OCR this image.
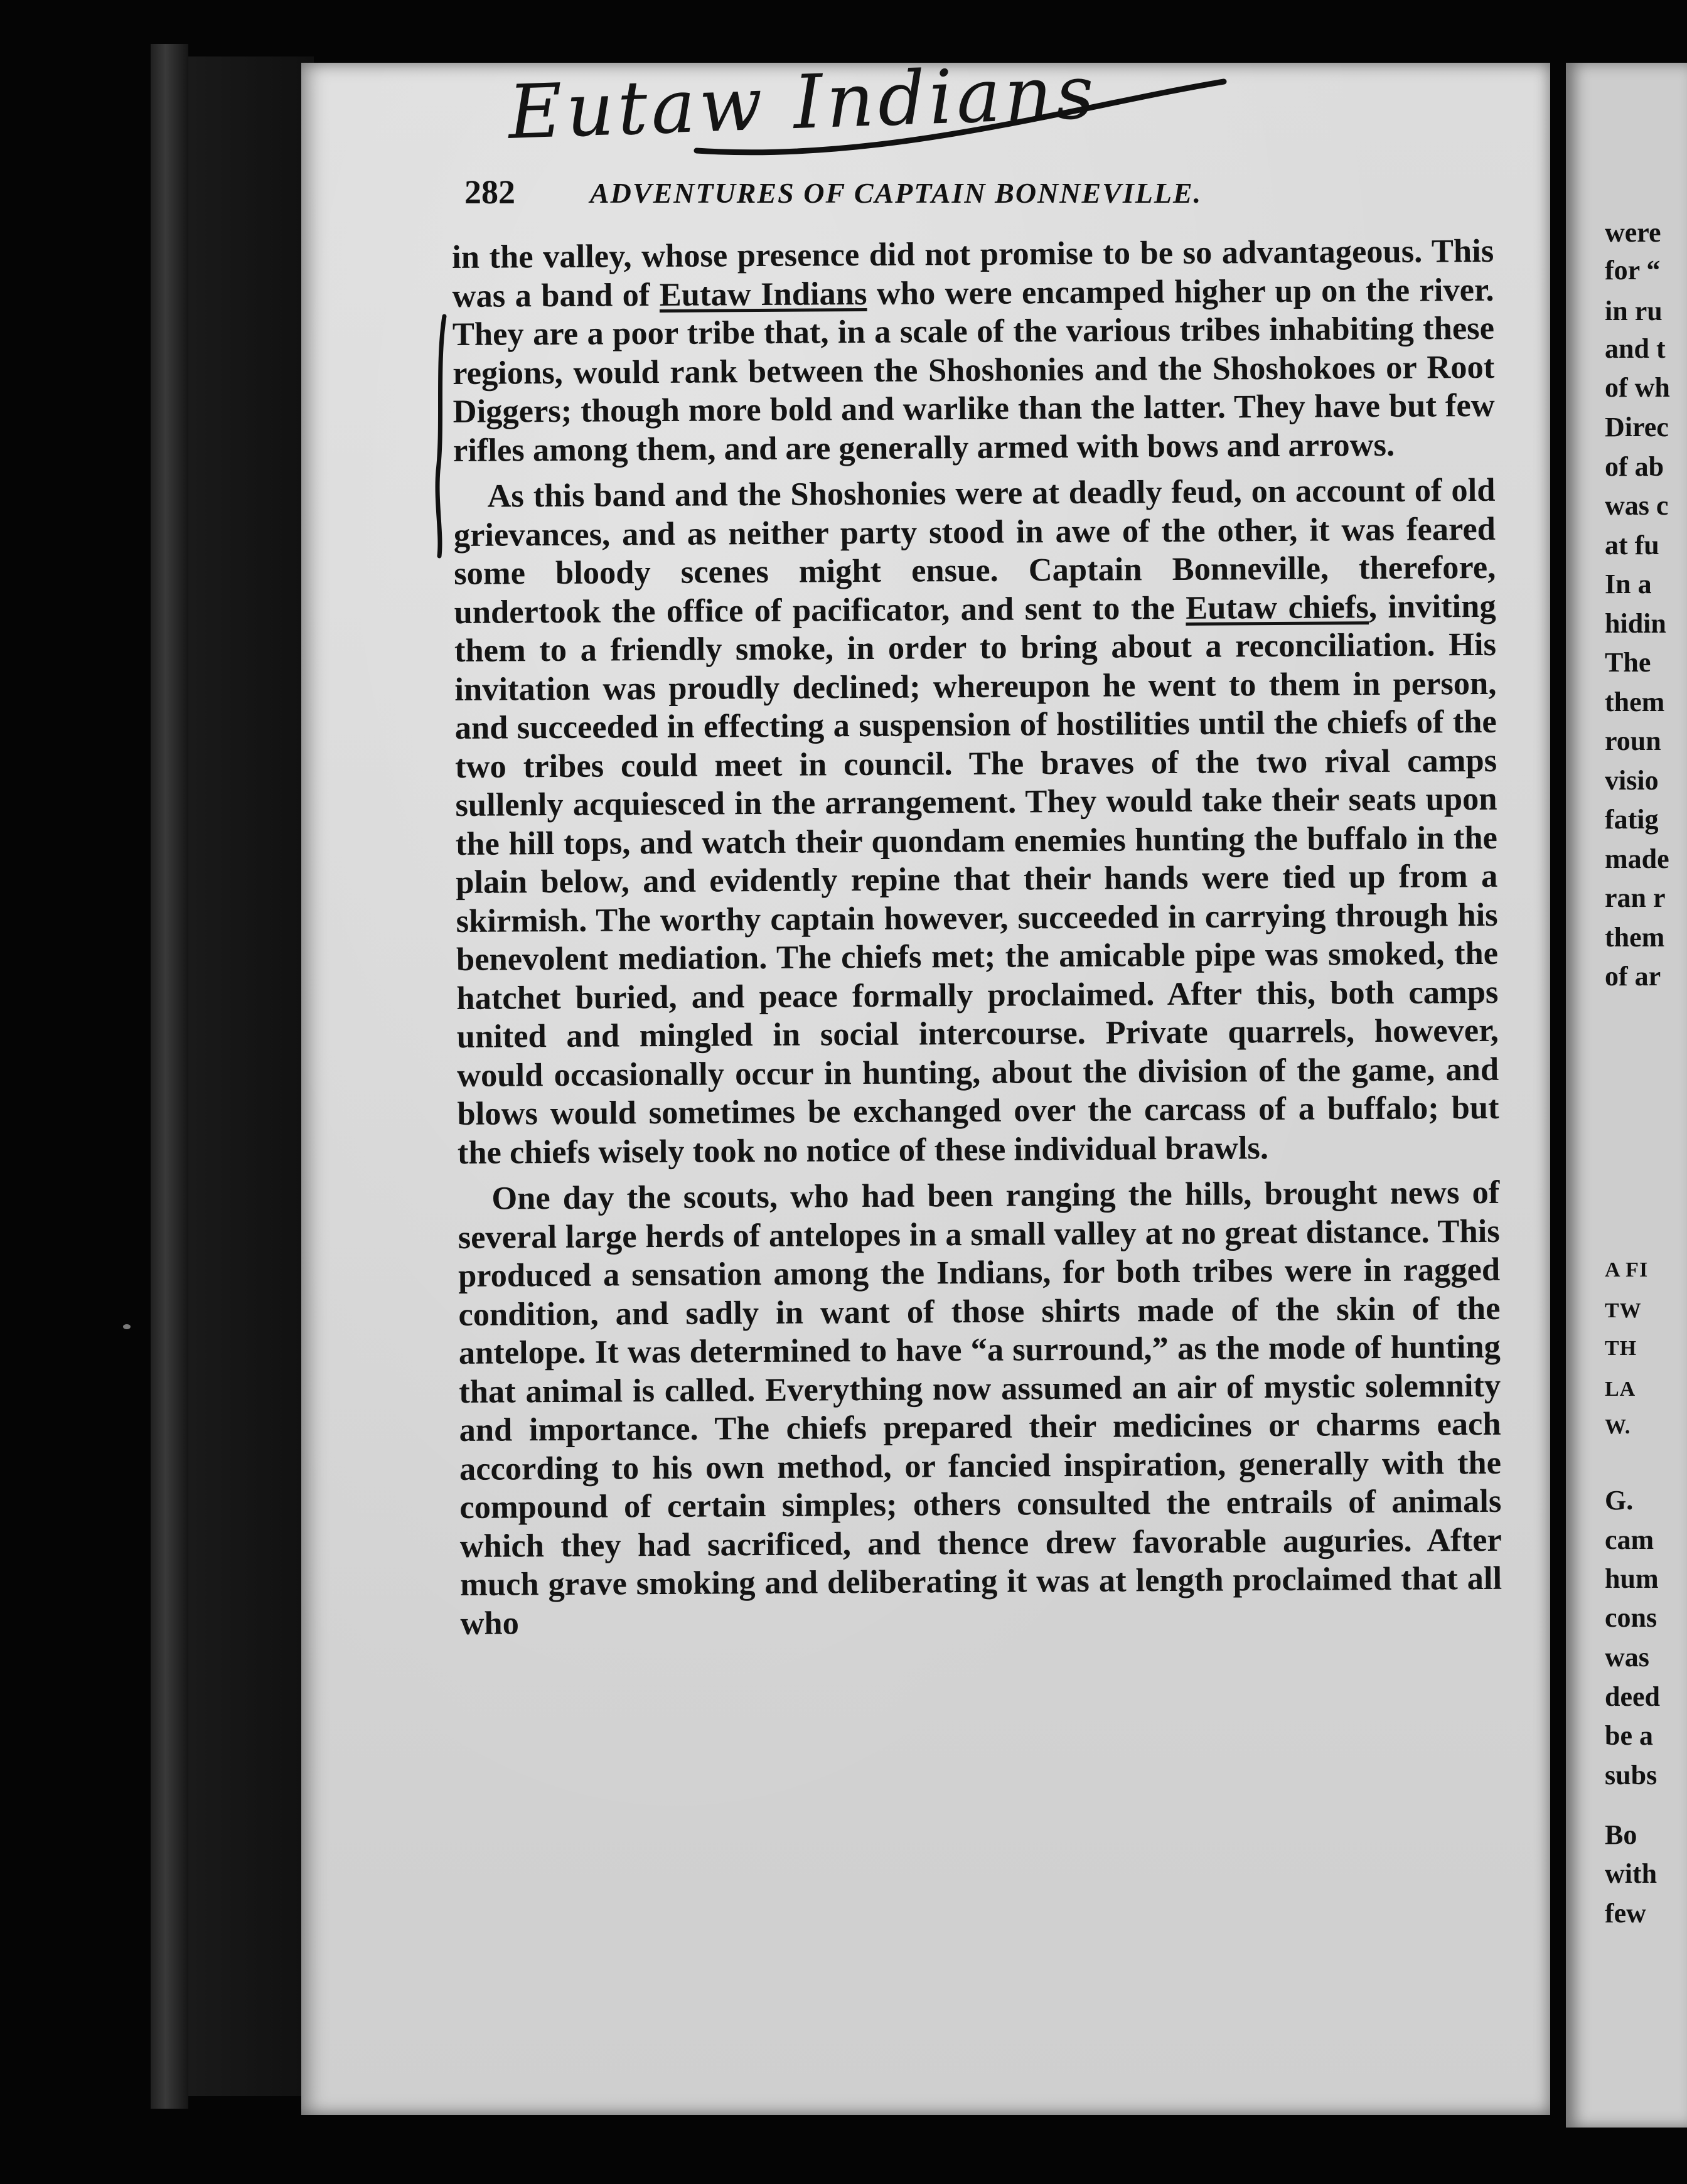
Eutaw Indians
282	ADVENTURES OF CAPTAIN BONNEVILLE.

in the valley, whose presence did not promise to be so advantageous. This was a band of Eutaw Indians who were encamped higher up on the river. They are a poor tribe that, in a scale of the various tribes inhabiting these regions, would rank between the Shoshonies and the Shoshokoes or Root Diggers; though more bold and warlike than the latter. They have but few rifles among them, and are generally armed with bows and arrows.

As this band and the Shoshonies were at deadly feud, on account of old grievances, and as neither party stood in awe of the other, it was feared some bloody scenes might ensue. Captain Bonneville, therefore, undertook the office of pacificator, and sent to the Eutaw chiefs, inviting them to a friendly smoke, in order to bring about a reconciliation. His invitation was proudly declined; whereupon he went to them in person, and succeeded in effecting a suspension of hostilities until the chiefs of the two tribes could meet in council. The braves of the two rival camps sullenly acquiesced in the arrangement. They would take their seats upon the hill tops, and watch their quondam enemies hunting the buffalo in the plain below, and evidently repine that their hands were tied up from a skirmish. The worthy captain however, succeeded in carrying through his benevolent mediation. The chiefs met; the amicable pipe was smoked, the hatchet buried, and peace formally proclaimed. After this, both camps united and mingled in social intercourse. Private quarrels, however, would occasionally occur in hunting, about the division of the game, and blows would sometimes be exchanged over the carcass of a buffalo; but the chiefs wisely took no notice of these individual brawls.

One day the scouts, who had been ranging the hills, brought news of several large herds of antelopes in a small valley at no great distance. This produced a sensation among the Indians, for both tribes were in ragged condition, and sadly in want of those shirts made of the skin of the antelope. It was determined to have “a surround,” as the mode of hunting that animal is called. Everything now assumed an air of mystic solemnity and importance. The chiefs prepared their medicines or charms each according to his own method, or fancied inspiration, generally with the compound of certain simples; others consulted the entrails of animals which they had sacrificed, and thence drew favorable auguries. After much grave smoking and deliberating it was at length proclaimed that all who

were
for “
in ru
and t
of wh
Direc
of ab
was c
at fu
In a
hidin
The
them
roun
visio
fatig
made
ran r
them
of ar
A FI
TW
TH
LA
W.
G.
cam
hum
cons
was
deed
be a
subs
Bo
with
few
